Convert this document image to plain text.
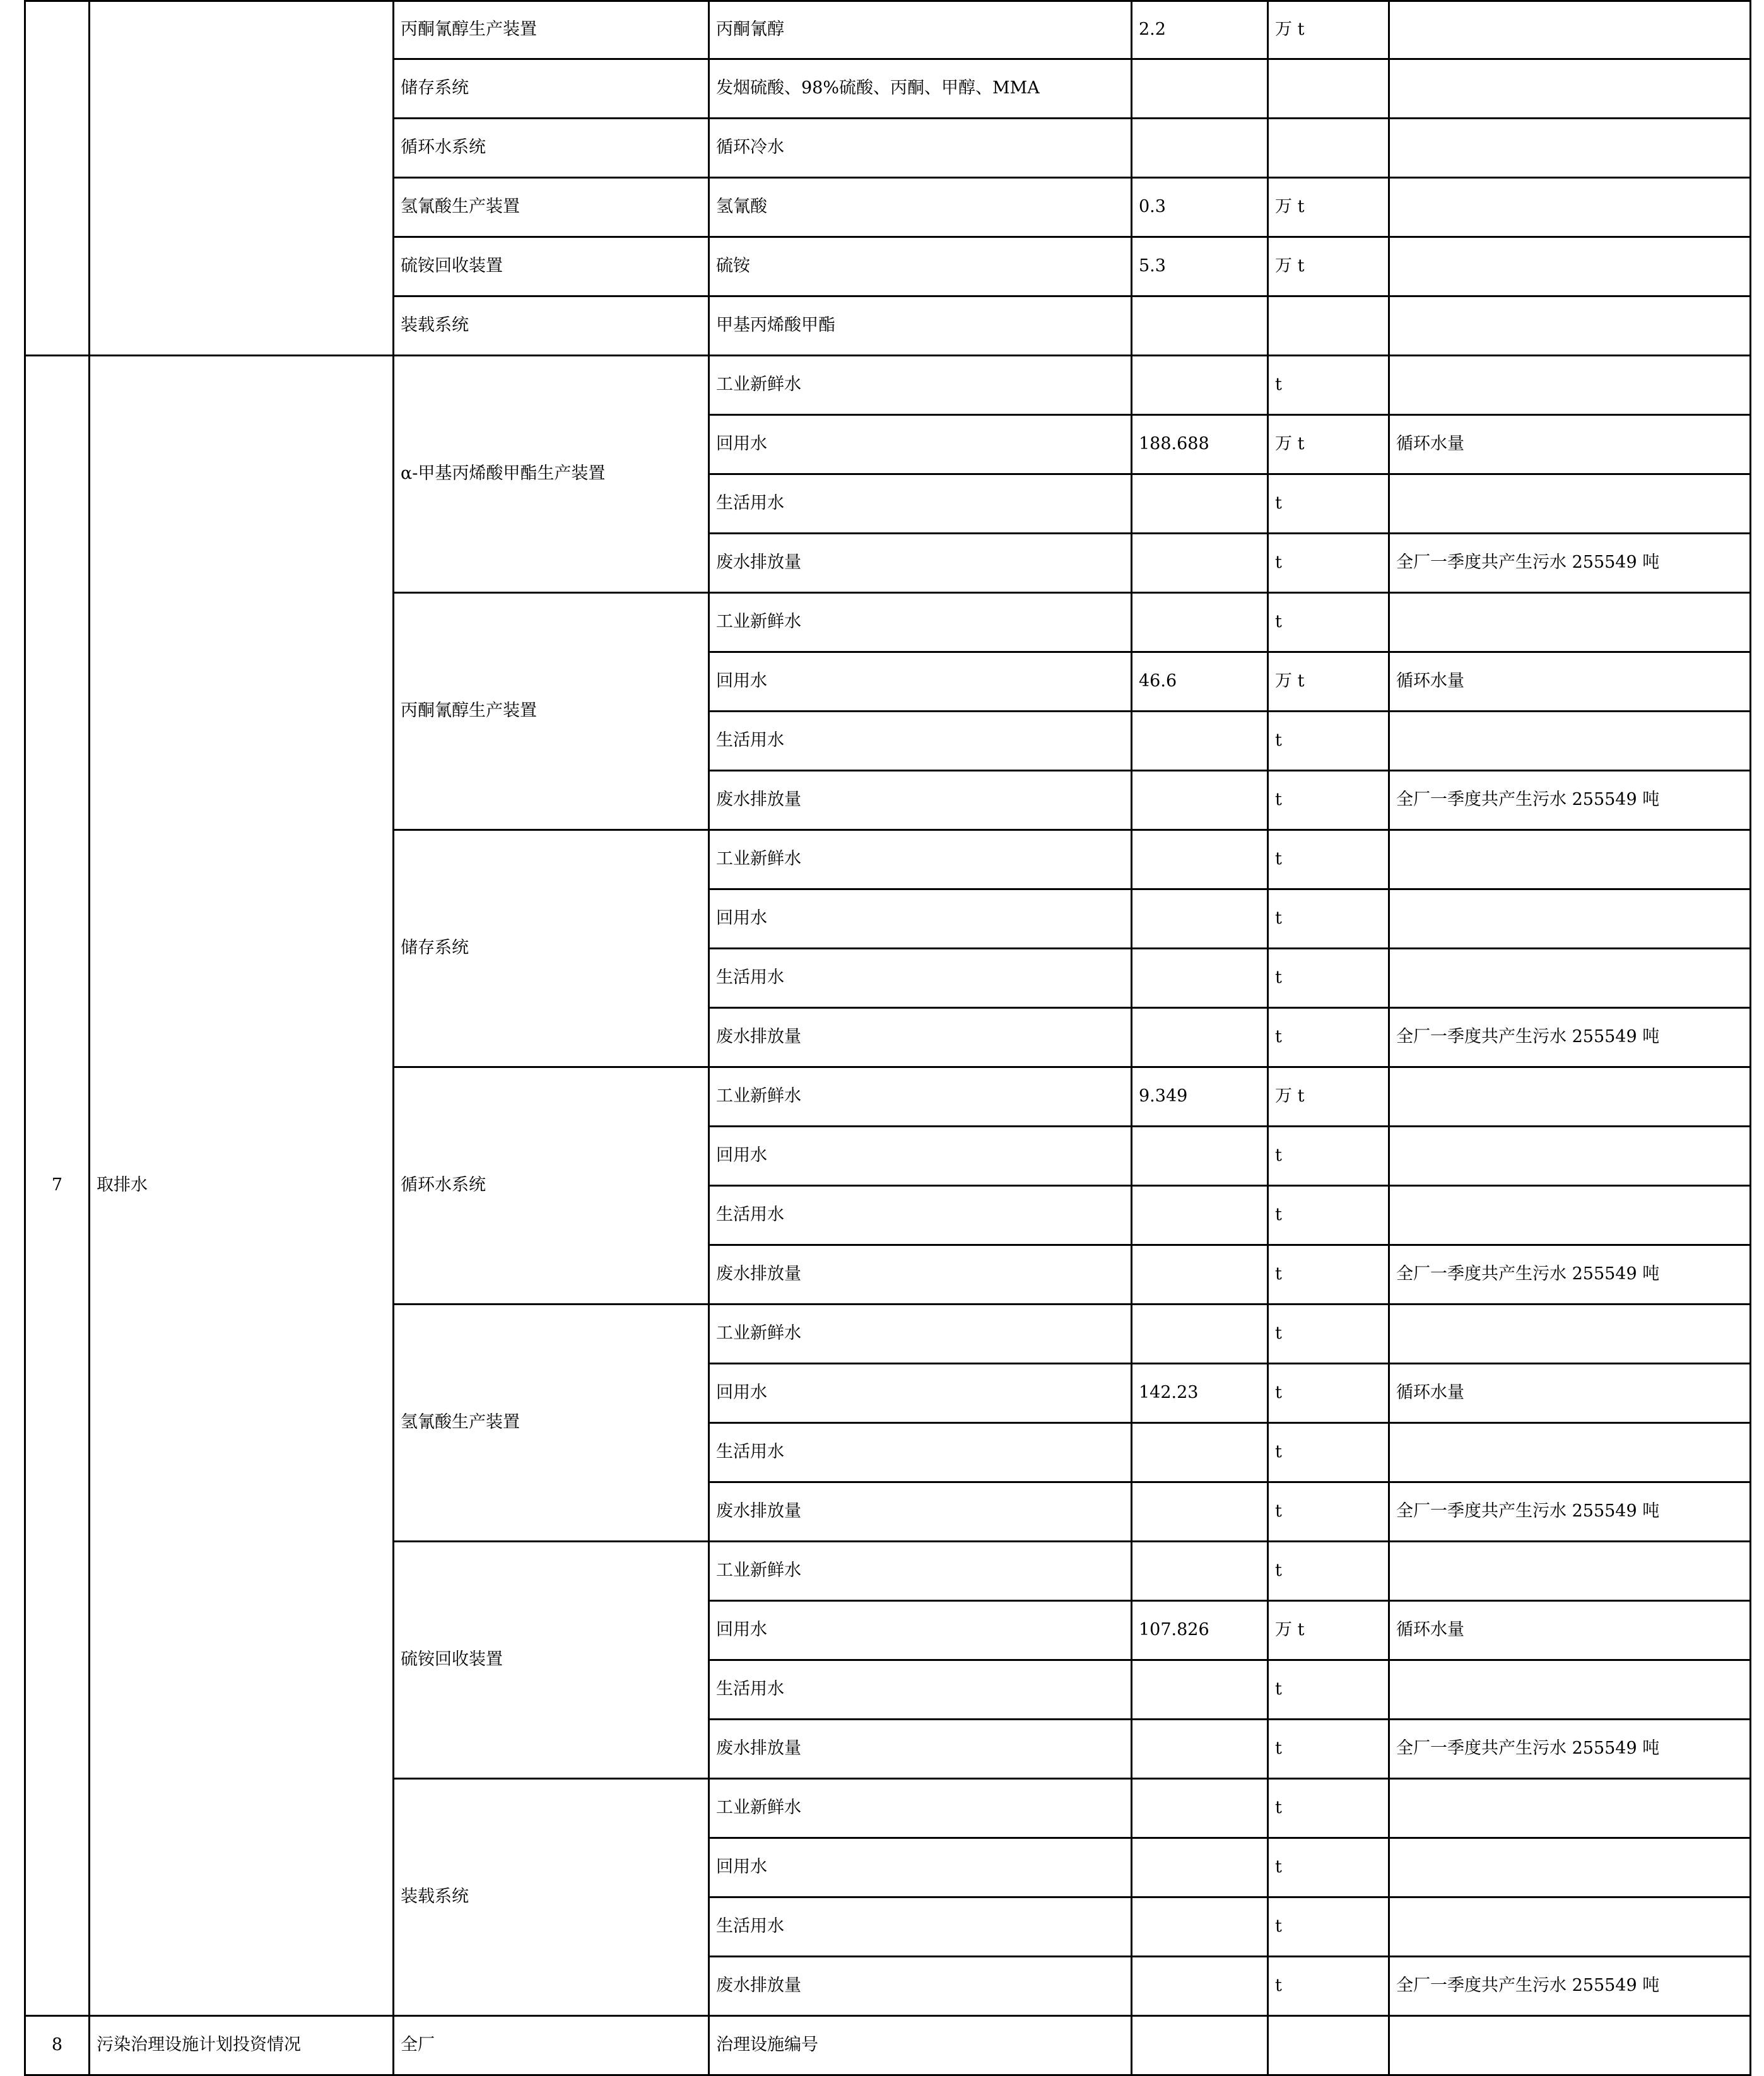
		丙酮氰醇生产装置	丙酮氰醇	2.2	万 t	
		储存系统	发烟硫酸、98%硫酸、丙酮、甲醇、MMA			
		循环水系统	循环冷水			
		氢氰酸生产装置	氢氰酸	0.3	万 t	
		硫铵回收装置	硫铵	5.3	万 t	
		装载系统	甲基丙烯酸甲酯			
7	取排水	α-甲基丙烯酸甲酯生产装置	工业新鲜水		t	
			回用水	188.688	万 t	循环水量
			生活用水		t	
			废水排放量		t	全厂一季度共产生污水 255549 吨
		丙酮氰醇生产装置	工业新鲜水		t	
			回用水	46.6	万 t	循环水量
			生活用水		t	
			废水排放量		t	全厂一季度共产生污水 255549 吨
		储存系统	工业新鲜水		t	
			回用水		t	
			生活用水		t	
			废水排放量		t	全厂一季度共产生污水 255549 吨
		循环水系统	工业新鲜水	9.349	万 t	
			回用水		t	
			生活用水		t	
			废水排放量		t	全厂一季度共产生污水 255549 吨
		氢氰酸生产装置	工业新鲜水		t	
			回用水	142.23	t	循环水量
			生活用水		t	
			废水排放量		t	全厂一季度共产生污水 255549 吨
		硫铵回收装置	工业新鲜水		t	
			回用水	107.826	万 t	循环水量
			生活用水		t	
			废水排放量		t	全厂一季度共产生污水 255549 吨
		装载系统	工业新鲜水		t	
			回用水		t	
			生活用水		t	
			废水排放量		t	全厂一季度共产生污水 255549 吨
8	污染治理设施计划投资情况	全厂	治理设施编号			
